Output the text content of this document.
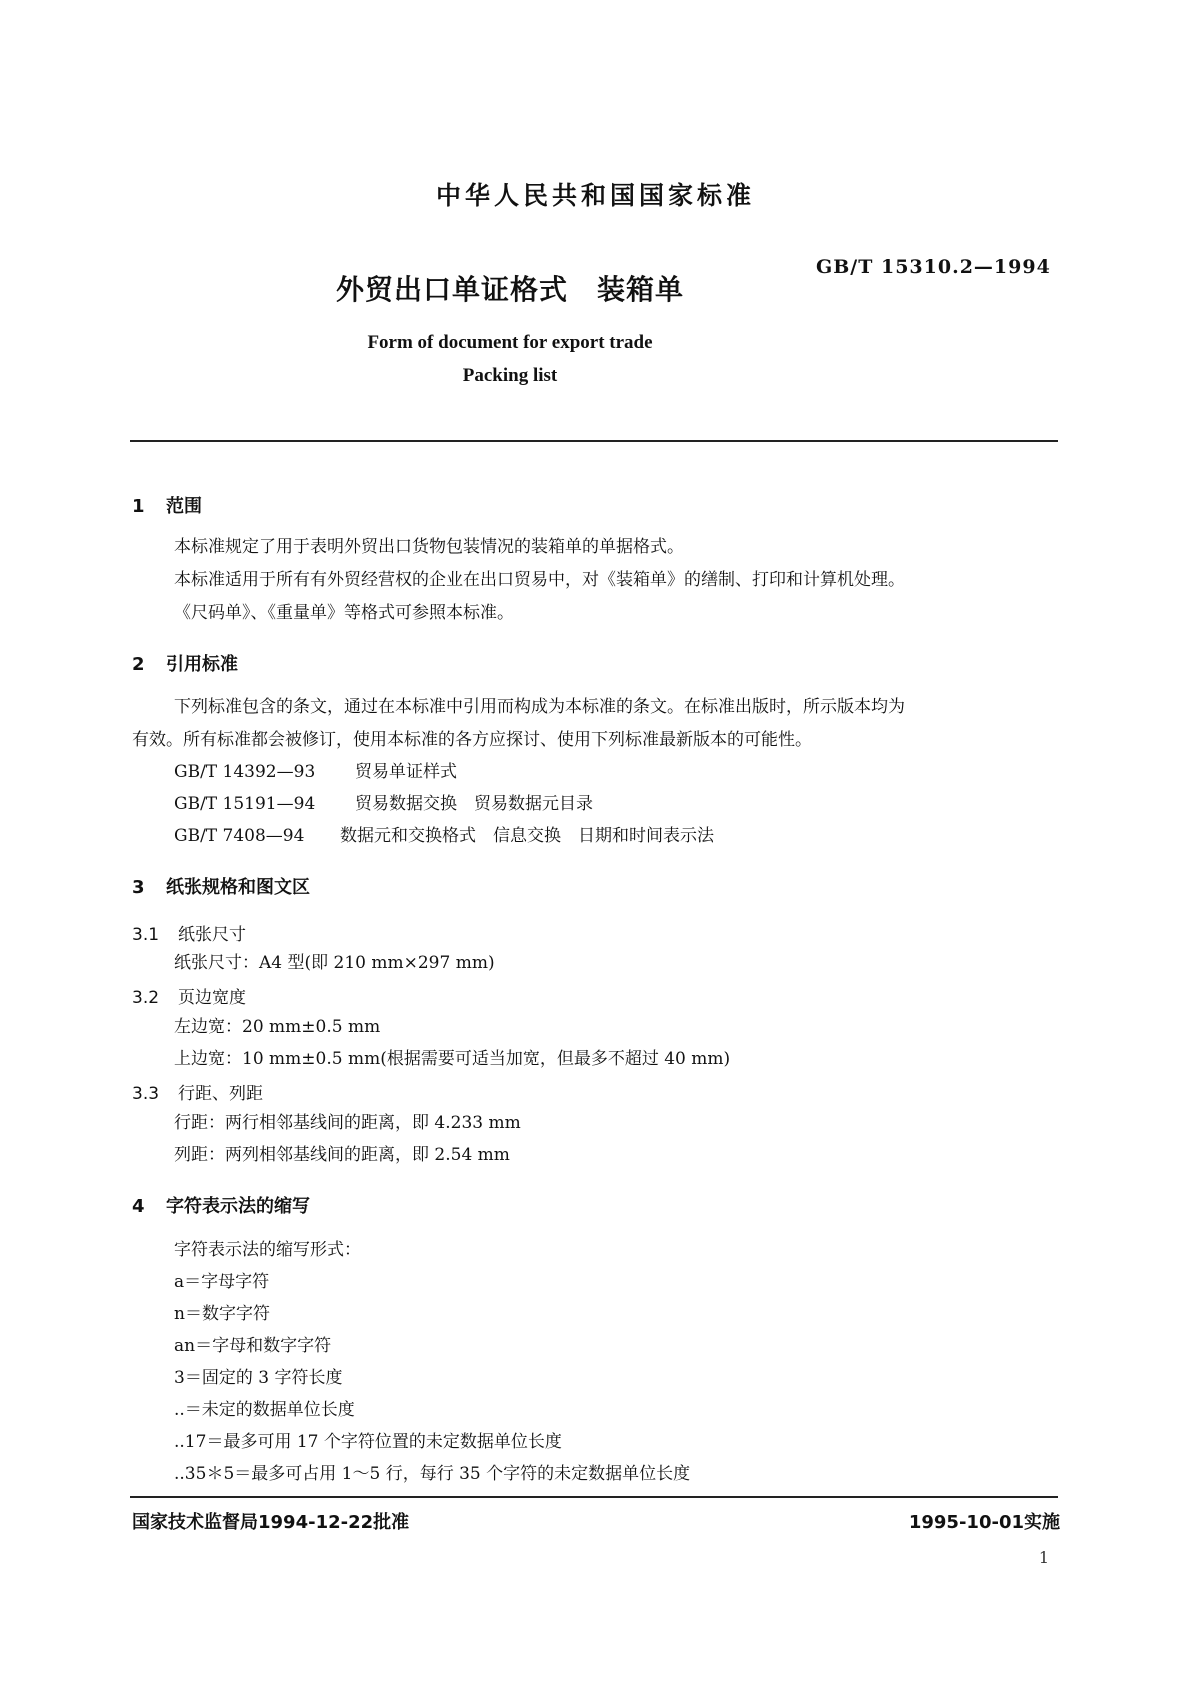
中华人民共和国国家标准
外贸出口单证格式　装箱单
GB/T 15310.2—1994
Form of document for export trade
Packing list
1 范围
本标准规定了用于表明外贸出口货物包装情况的装箱单的单据格式。
本标准适用于所有有外贸经营权的企业在出口贸易中，对《装箱单》的缮制、打印和计算机处理。
《尺码单》、《重量单》等格式可参照本标准。
2 引用标准
下列标准包含的条文，通过在本标准中引用而构成为本标准的条文。在标准出版时，所示版本均为
有效。所有标准都会被修订，使用本标准的各方应探讨、使用下列标准最新版本的可能性。
GB/T 14392—93 贸易单证样式
GB/T 15191—94 贸易数据交换　贸易数据元目录
GB/T 7408—94 数据元和交换格式　信息交换　日期和时间表示法
3 纸张规格和图文区
3.1 纸张尺寸
纸张尺寸：A4 型(即 210 mm×297 mm)
3.2 页边宽度
左边宽：20 mm±0.5 mm
上边宽：10 mm±0.5 mm(根据需要可适当加宽，但最多不超过 40 mm)
3.3 行距、列距
行距：两行相邻基线间的距离，即 4.233 mm
列距：两列相邻基线间的距离，即 2.54 mm
4 字符表示法的缩写
字符表示法的缩写形式：
a＝字母字符
n＝数字字符
an＝字母和数字字符
3＝固定的 3 字符长度
..＝未定的数据单位长度
..17＝最多可用 17 个字符位置的未定数据单位长度
..35＊5＝最多可占用 1～5 行，每行 35 个字符的未定数据单位长度
国家技术监督局1994-12-22批准	1995-10-01实施
1
